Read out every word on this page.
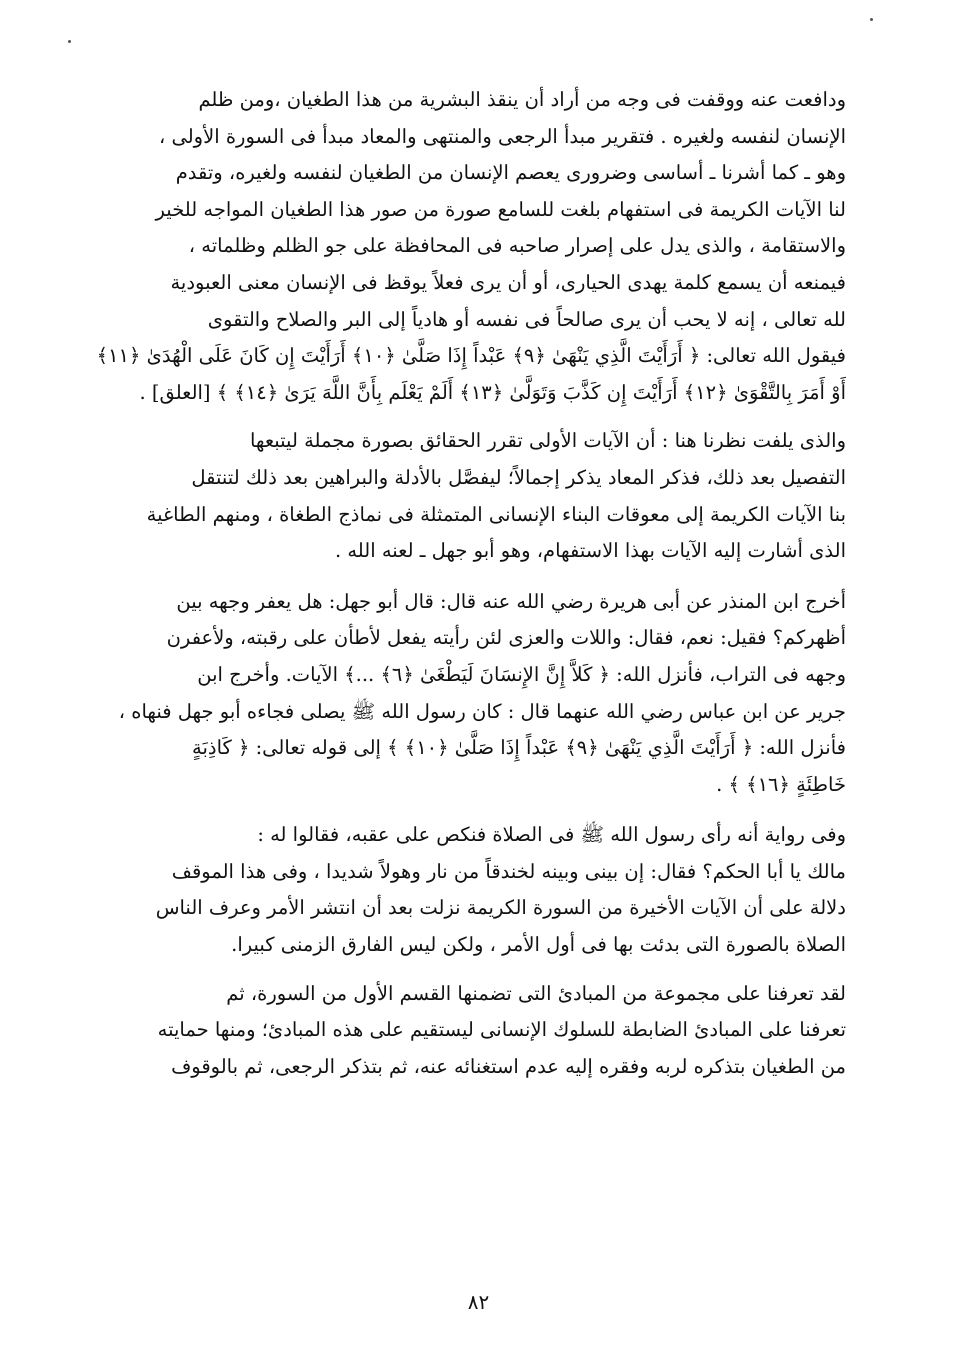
ودافعت عنه ووقفت فى وجه من أراد أن ينقذ البشرية من هذا الطغيان ،ومن ظلم
الإنسان لنفسه ولغيره . فتقرير مبدأ الرجعى والمنتهى والمعاد مبدأ فى السورة الأولى ،
وهو ـ كما أشرنا ـ أساسى وضرورى يعصم الإنسان من الطغيان لنفسه ولغيره، وتقدم
لنا الآيات الكريمة فى استفهام بلغت للسامع صورة من صور هذا الطغيان المواجه للخير
والاستقامة ، والذى يدل على إصرار صاحبه فى المحافظة على جو الظلم وظلماته ،
فيمنعه أن يسمع كلمة يهدى الحيارى، أو أن يرى فعلاً يوقظ فى الإنسان معنى العبودية
لله تعالى ، إنه لا يحب أن يرى صالحاً فى نفسه أو هادياً إلى البر والصلاح والتقوى
فيقول الله تعالى: ﴿ أَرَأَيْتَ الَّذِي يَنْهَىٰ ﴿٩﴾ عَبْداً إِذَا صَلَّىٰ ﴿١٠﴾ أَرَأَيْتَ إِن كَانَ عَلَى الْهُدَىٰ ﴿١١﴾
أَوْ أَمَرَ بِالتَّقْوَىٰ ﴿١٢﴾ أَرَأَيْتَ إِن كَذَّبَ وَتَوَلَّىٰ ﴿١٣﴾ أَلَمْ يَعْلَم بِأَنَّ اللَّهَ يَرَىٰ ﴿١٤﴾ ﴾ [العلق] .

والذى يلفت نظرنا هنا : أن الآيات الأولى تقرر الحقائق بصورة مجملة ليتبعها
التفصيل بعد ذلك، فذكر المعاد يذكر إجمالاً؛ ليفصَّل بالأدلة والبراهين بعد ذلك لتنتقل
بنا الآيات الكريمة إلى معوقات البناء الإنسانى المتمثلة فى نماذج الطغاة ، ومنهم الطاغية
الذى أشارت إليه الآيات بهذا الاستفهام، وهو أبو جهل ـ لعنه الله .

أخرج ابن المنذر عن أبى هريرة رضي الله عنه قال: قال أبو جهل: هل يعفر وجهه بين
أظهركم؟ فقيل: نعم، فقال: واللات والعزى لئن رأيته يفعل لأطأن على رقبته، ولأعفرن
وجهه فى التراب، فأنزل الله: ﴿ كَلاَّ إِنَّ الإِنسَانَ لَيَطْغَىٰ ﴿٦﴾ ...﴾ الآيات. وأخرج ابن
جرير عن ابن عباس رضي الله عنهما قال : كان رسول الله ﷺ يصلى فجاءه أبو جهل فنهاه ،
فأنزل الله: ﴿ أَرَأَيْتَ الَّذِي يَنْهَىٰ ﴿٩﴾ عَبْداً إِذَا صَلَّىٰ ﴿١٠﴾ ﴾ إلى قوله تعالى: ﴿ كَاذِبَةٍ
خَاطِئَةٍ ﴿١٦﴾ ﴾ .

وفى رواية أنه رأى رسول الله ﷺ فى الصلاة فنكص على عقبه، فقالوا له :
مالك يا أبا الحكم؟ فقال: إن بينى وبينه لخندقاً من نار وهولاً شديدا ، وفى هذا الموقف
دلالة على أن الآيات الأخيرة من السورة الكريمة نزلت بعد أن انتشر الأمر وعرف الناس
الصلاة بالصورة التى بدئت بها فى أول الأمر ، ولكن ليس الفارق الزمنى كبيرا.

لقد تعرفنا على مجموعة من المبادئ التى تضمنها القسم الأول من السورة، ثم
تعرفنا على المبادئ الضابطة للسلوك الإنسانى ليستقيم على هذه المبادئ؛ ومنها حمايته
من الطغيان بتذكره لربه وفقره إليه عدم استغنائه عنه، ثم بتذكر الرجعى، ثم بالوقوف

٨٢
